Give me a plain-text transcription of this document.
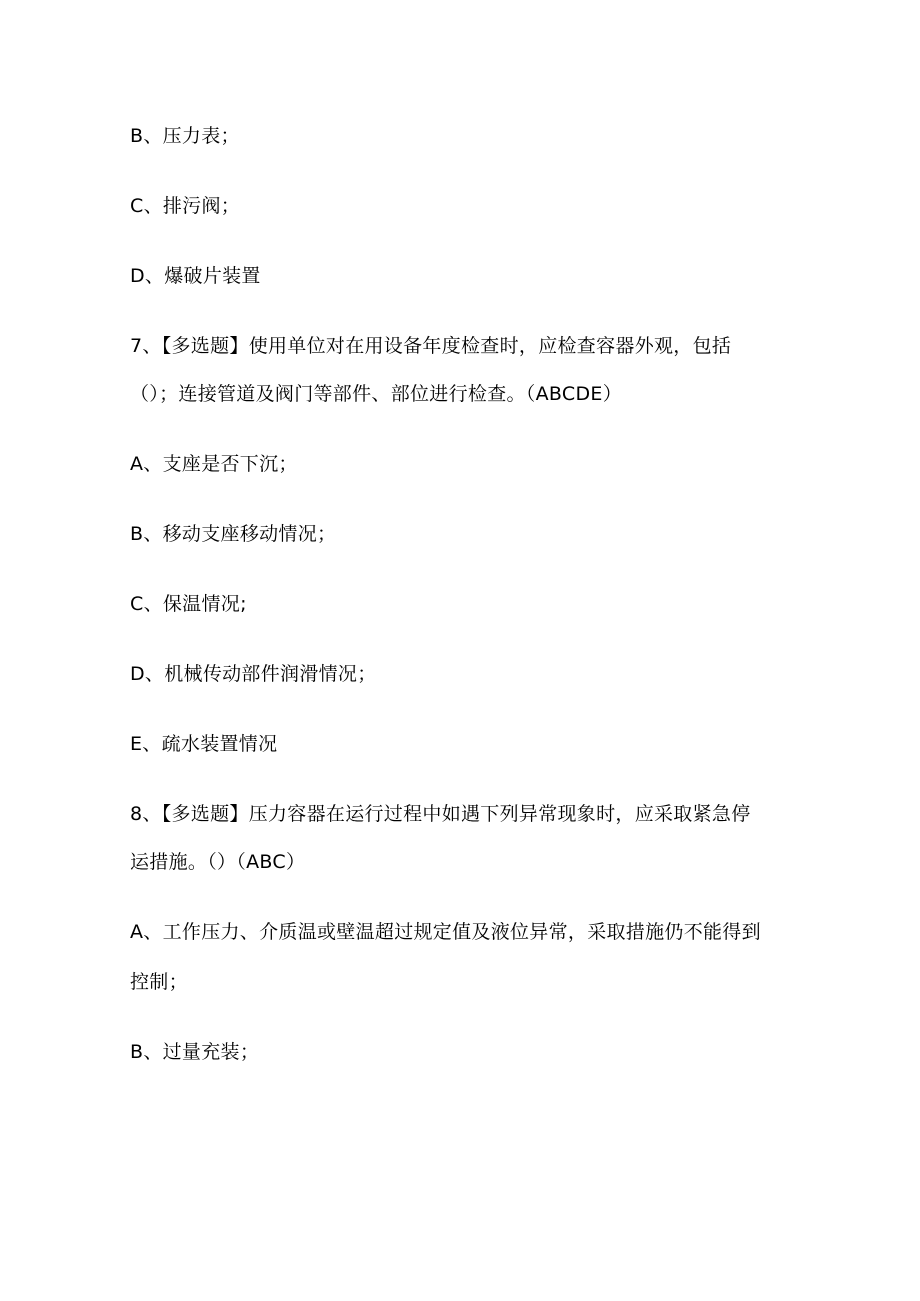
B、压力表；
C、排污阀；
D、爆破片装置
7、【多选题】使用单位对在用设备年度检查时，应检查容器外观，包括
（）；连接管道及阀门等部件、部位进行检查。（ABCDE）
A、支座是否下沉；
B、移动支座移动情况；
C、保温情况;
D、机械传动部件润滑情况；
E、疏水装置情况
8、【多选题】压力容器在运行过程中如遇下列异常现象时，应采取紧急停
运措施。（）（ABC）
A、工作压力、介质温或壁温超过规定值及液位异常，采取措施仍不能得到
控制；
B、过量充装；
